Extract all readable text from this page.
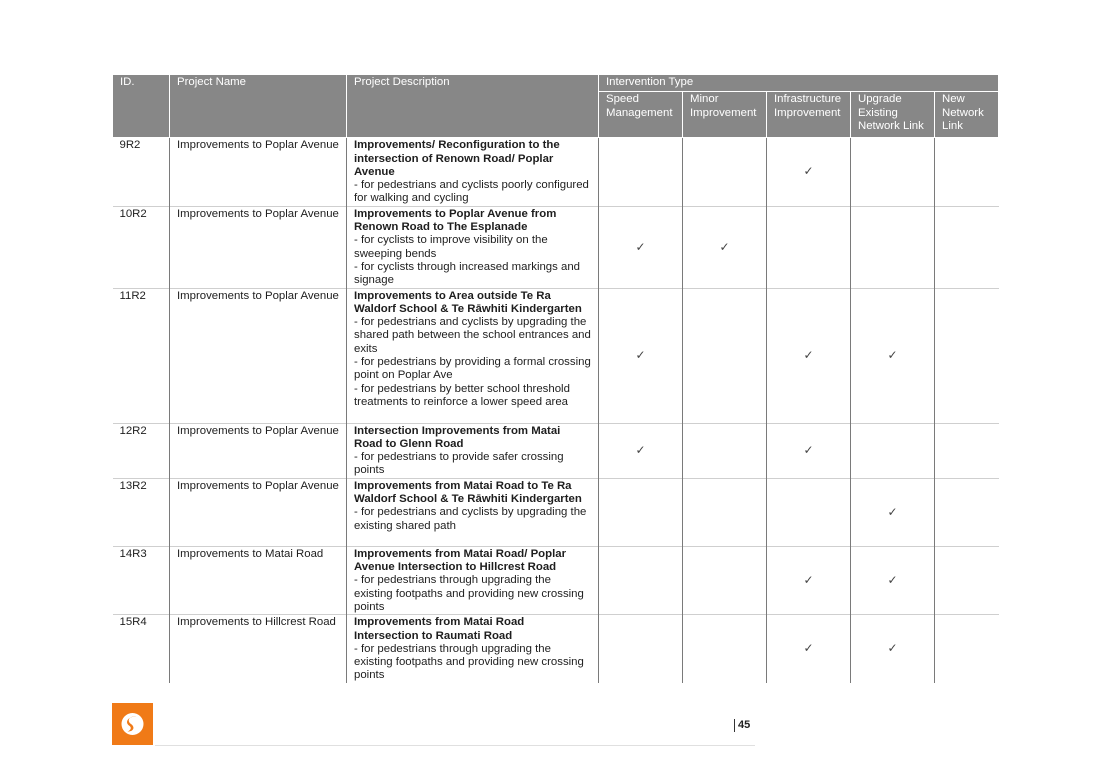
ID.	Project Name	Project Description	Intervention Type				
			Speed Management	Minor Improvement	Infrastructure Improvement	Upgrade Existing Network Link	New Network Link
9R2	Improvements to Poplar Avenue	Improvements/ Reconfiguration to the intersection of Renown Road/ Poplar Avenue
- for pedestrians and cyclists poorly configured for walking and cycling			✓		
10R2	Improvements to Poplar Avenue	Improvements to Poplar Avenue from Renown Road to The Esplanade
- for cyclists to improve visibility on the sweeping bends
- for cyclists through increased markings and signage	✓	✓			
11R2	Improvements to Poplar Avenue	Improvements to Area outside Te Ra Waldorf School & Te Rāwhiti Kindergarten
- for pedestrians and cyclists by upgrading the shared path between the school entrances and exits
- for pedestrians by providing a formal crossing point on Poplar Ave
- for pedestrians by better school threshold treatments to reinforce a lower speed area	✓		✓	✓	
12R2	Improvements to Poplar Avenue	Intersection Improvements from Matai Road to Glenn Road
- for pedestrians to provide safer crossing points	✓		✓		
13R2	Improvements to Poplar Avenue	Improvements from Matai Road to Te Ra Waldorf School & Te Rāwhiti Kindergarten
- for pedestrians and cyclists by upgrading the existing shared path				✓	
14R3	Improvements to Matai Road	Improvements from Matai Road/ Poplar Avenue Intersection to Hillcrest Road
- for pedestrians through upgrading the existing footpaths and providing new crossing points			✓	✓	
15R4	Improvements to Hillcrest Road	Improvements from Matai Road Intersection to Raumati Road
- for pedestrians through upgrading the existing footpaths and providing new crossing points			✓	✓	
45
